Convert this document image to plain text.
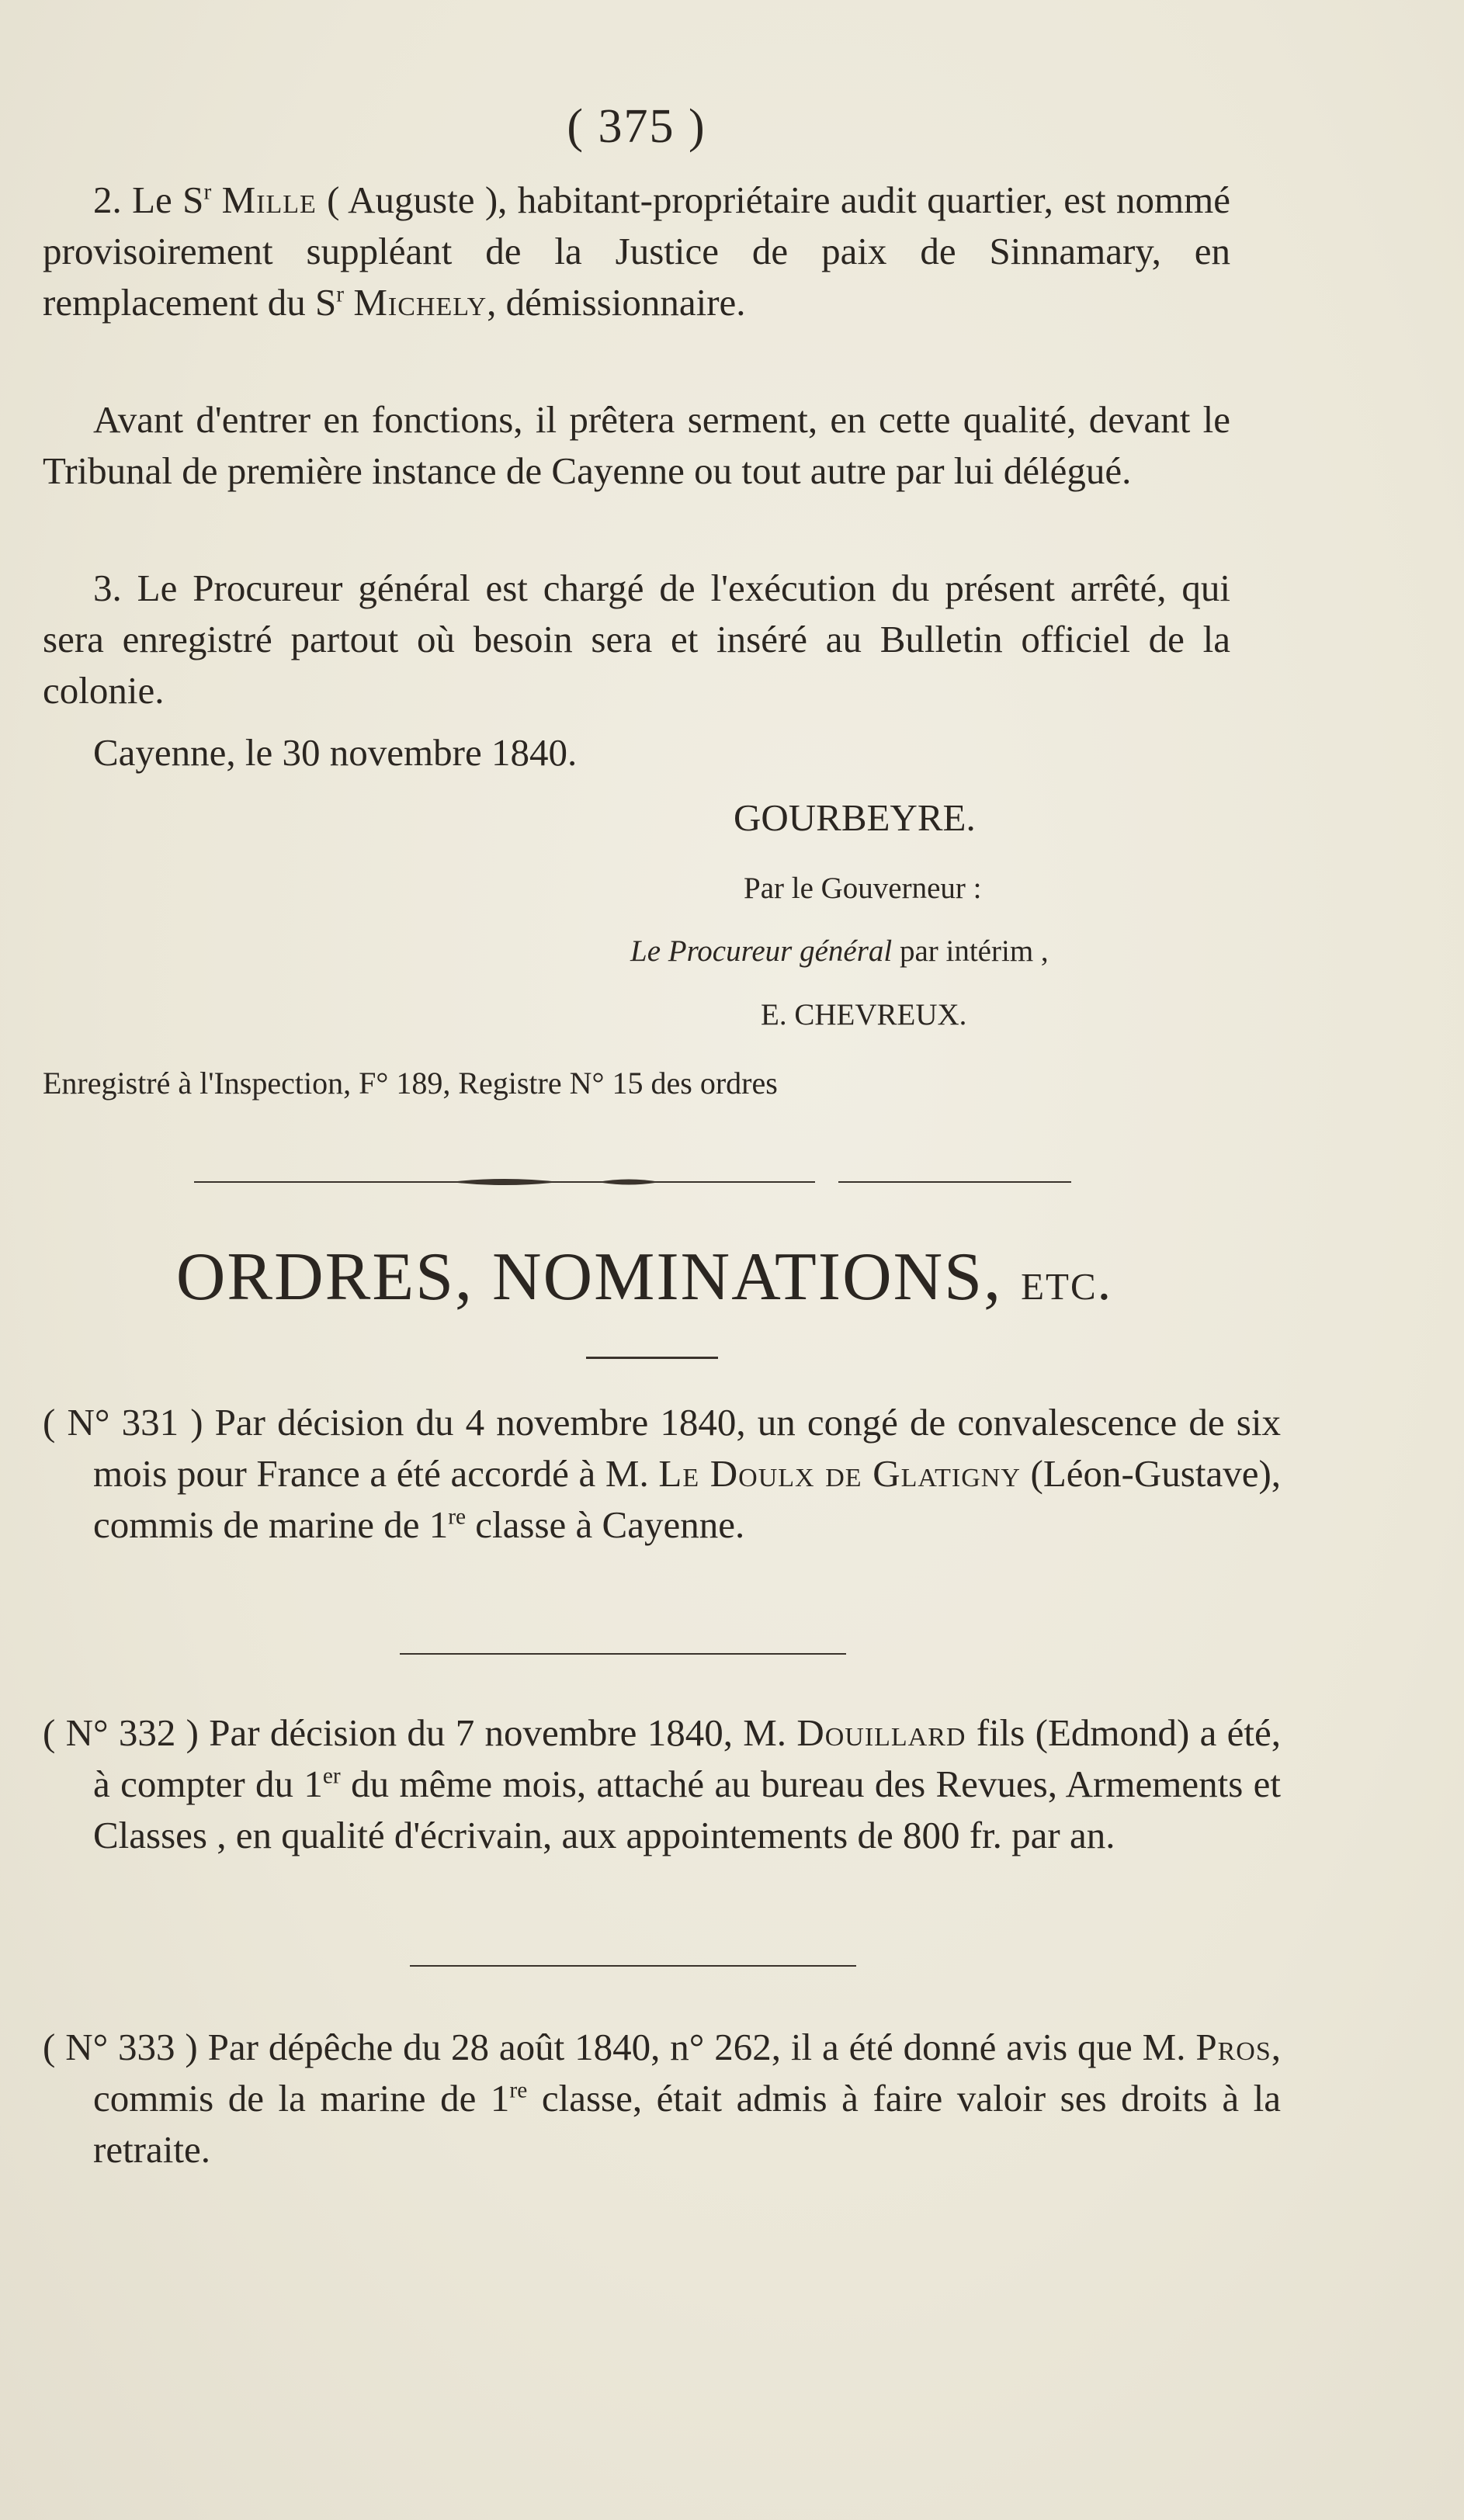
( 375 )
2. Le $S^r$ Mille ( Auguste ), habitant-propriétaire audit quartier, est nommé provisoirement suppléant de la Justice de paix de Sinnamary, en remplacement du $S^r$ Michely, démissionnaire.
Avant d'entrer en fonctions, il prêtera serment, en cette qualité, devant le Tribunal de première instance de Cayenne ou tout autre par lui délégué.
3. Le Procureur général est chargé de l'exécution du présent arrêté, qui sera enregistré partout où besoin sera et inséré au Bulletin officiel de la colonie.
Cayenne, le 30 novembre 1840.
GOURBEYRE.
Par le Gouverneur :
Le Procureur général par intérim ,
E. CHEVREUX.
Enregistré à l'Inspection, F° 189, Registre N° 15 des ordres
ORDRES, NOMINATIONS, etc.
( N° 331 ) Par décision du 4 novembre 1840, un congé de convalescence de six mois pour France a été accordé à M. Le Doulx de Glatigny (Léon-Gustave), commis de marine de 1re classe à Cayenne.
( N° 332 ) Par décision du 7 novembre 1840, M. Douillard fils (Edmond) a été, à compter du 1er du même mois, attaché au bureau des Revues, Armements et Classes , en qualité d'écrivain, aux appointements de 800 fr. par an.
( N° 333 ) Par dépêche du 28 août 1840, n° 262, il a été donné avis que M. Pros, commis de la marine de 1re classe, était admis à faire valoir ses droits à la retraite.
